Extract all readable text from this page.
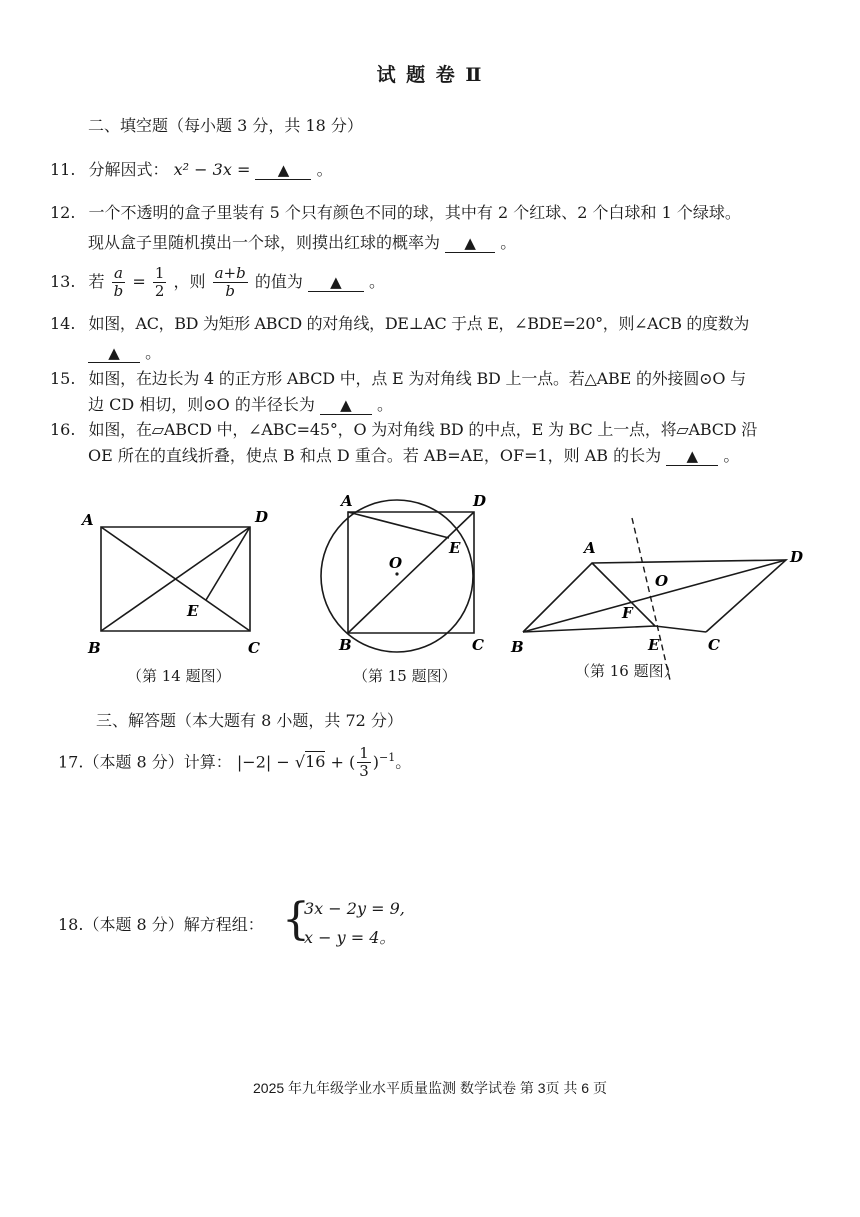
试 题 卷 Ⅱ
二、填空题（每小题 3 分，共 18 分）
11. 分解因式： x² − 3x = ▲ 。
12. 一个不透明的盒子里装有 5 个只有颜色不同的球，其中有 2 个红球、2 个白球和 1 个绿球。
现从盒子里随机摸出一个球，则摸出红球的概率为 ▲ 。
13. 若 $\frac{a}{b} = \frac{1}{2}$ ，则 $\frac{a+b}{b}$ 的值为 ▲ 。
14. 如图，AC，BD 为矩形 ABCD 的对角线，DE⊥AC 于点 E，∠BDE=20°，则∠ACB 的度数为
▲ 。
15. 如图，在边长为 4 的正方形 ABCD 中，点 E 为对角线 BD 上一点。若△ABE 的外接圆⊙O 与
边 CD 相切，则⊙O 的半径长为 ▲ 。
16. 如图，在▱ABCD 中，∠ABC=45°，O 为对角线 BD 的中点，E 为 BC 上一点，将▱ABCD 沿
OE 所在的直线折叠，使点 B 和点 D 重合。若 AB=AE，OF=1，则 AB 的长为 ▲ 。
A	D
E
B	C
A	D
E
O
B	C
A	D
O
F
B	E	C
（第 14 题图）	（第 15 题图）	（第 16 题图）
三、解答题（本大题有 8 小题，共 72 分）
17.（本题 8 分）计算： |−2| − √16 + ( $\frac{1}{3} )^{-1}$。
18.（本题 8 分）解方程组： {
3x − 2y = 9,
x − y = 4。
2025 年九年级学业水平质量监测 数学试卷 第 3页 共 6 页
